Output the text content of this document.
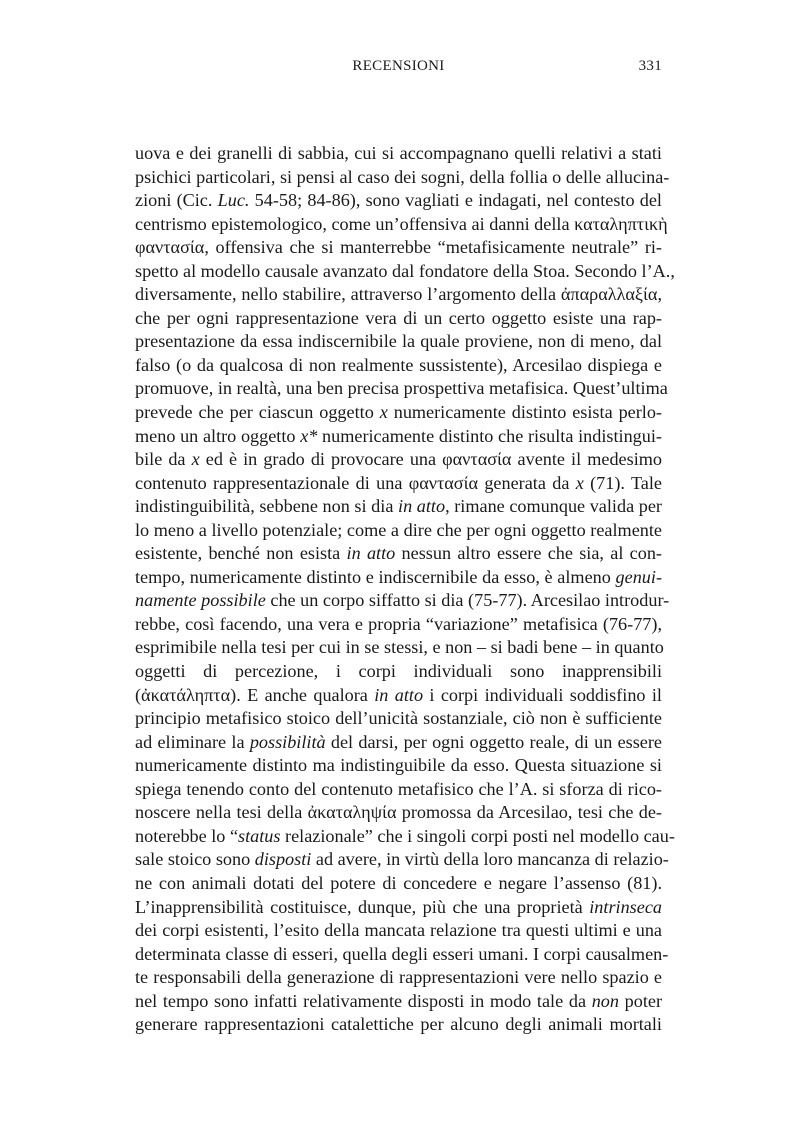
RECENSIONI	331
uova e dei granelli di sabbia, cui si accompagnano quelli relativi a stati
psichici particolari, si pensi al caso dei sogni, della follia o delle allucina-
zioni (Cic. Luc. 54-58; 84-86), sono vagliati e indagati, nel contesto del
centrismo epistemologico, come un’offensiva ai danni della καταληπτικὴ
φαντασία, offensiva che si manterrebbe “metafisicamente neutrale” ri-
spetto al modello causale avanzato dal fondatore della Stoa. Secondo l’A.,
diversamente, nello stabilire, attraverso l’argomento della ἀπαραλλαξία,
che per ogni rappresentazione vera di un certo oggetto esiste una rap-
presentazione da essa indiscernibile la quale proviene, non di meno, dal
falso (o da qualcosa di non realmente sussistente), Arcesilao dispiega e
promuove, in realtà, una ben precisa prospettiva metafisica. Quest’ultima
prevede che per ciascun oggetto x numericamente distinto esista perlo-
meno un altro oggetto x* numericamente distinto che risulta indistingui-
bile da x ed è in grado di provocare una φαντασία avente il medesimo
contenuto rappresentazionale di una φαντασία generata da x (71). Tale
indistinguibilità, sebbene non si dia in atto, rimane comunque valida per
lo meno a livello potenziale; come a dire che per ogni oggetto realmente
esistente, benché non esista in atto nessun altro essere che sia, al con-
tempo, numericamente distinto e indiscernibile da esso, è almeno genui-
namente possibile che un corpo siffatto si dia (75-77). Arcesilao introdur-
rebbe, così facendo, una vera e propria “variazione” metafisica (76-77),
esprimibile nella tesi per cui in se stessi, e non – si badi bene – in quanto
oggetti di percezione, i corpi individuali sono inapprensibili
(ἀκατάληπτα). E anche qualora in atto i corpi individuali soddisfino il
principio metafisico stoico dell’unicità sostanziale, ciò non è sufficiente
ad eliminare la possibilità del darsi, per ogni oggetto reale, di un essere
numericamente distinto ma indistinguibile da esso. Questa situazione si
spiega tenendo conto del contenuto metafisico che l’A. si sforza di rico-
noscere nella tesi della ἀκαταληψία promossa da Arcesilao, tesi che de-
noterebbe lo “status relazionale” che i singoli corpi posti nel modello cau-
sale stoico sono disposti ad avere, in virtù della loro mancanza di relazio-
ne con animali dotati del potere di concedere e negare l’assenso (81).
L’inapprensibilità costituisce, dunque, più che una proprietà intrinseca
dei corpi esistenti, l’esito della mancata relazione tra questi ultimi e una
determinata classe di esseri, quella degli esseri umani. I corpi causalmen-
te responsabili della generazione di rappresentazioni vere nello spazio e
nel tempo sono infatti relativamente disposti in modo tale da non poter
generare rappresentazioni catalettiche per alcuno degli animali mortali
